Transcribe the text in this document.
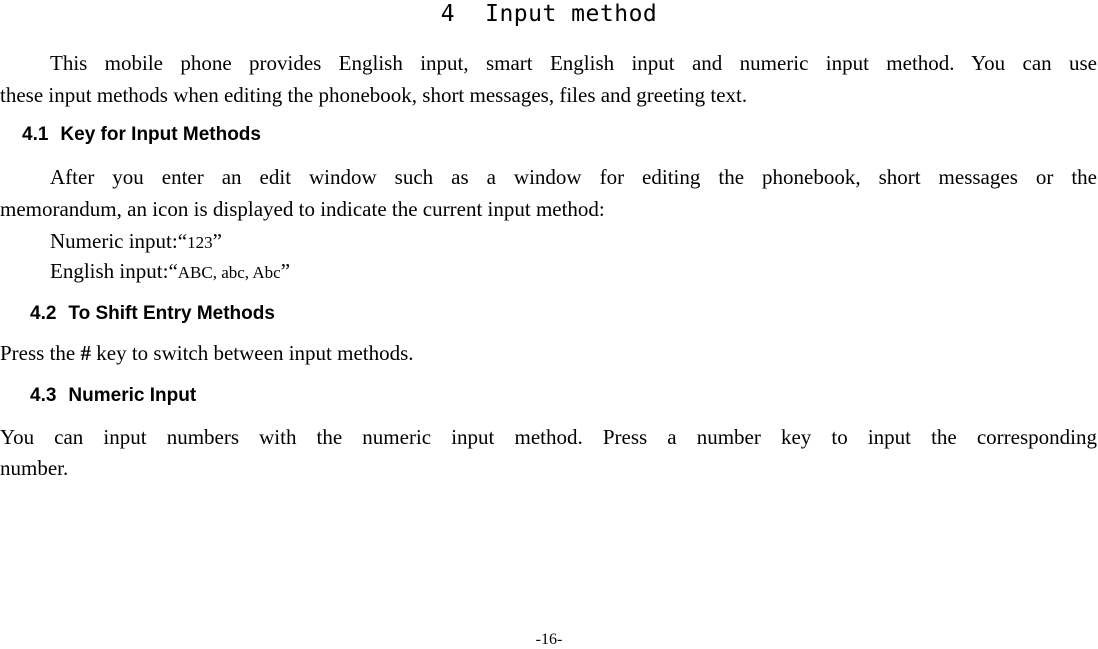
4 Input method
This mobile phone provides English input, smart English input and numeric input method. You can use
these input methods when editing the phonebook, short messages, files and greeting text.
4.1 Key for Input Methods
After you enter an edit window such as a window for editing the phonebook, short messages or the
memorandum, an icon is displayed to indicate the current input method:
Numeric input:“123”
English input:“ABC, abc, Abc”
4.2 To Shift Entry Methods
Press the # key to switch between input methods.
4.3 Numeric Input
You can input numbers with the numeric input method. Press a number key to input the corresponding
number.
-16-
